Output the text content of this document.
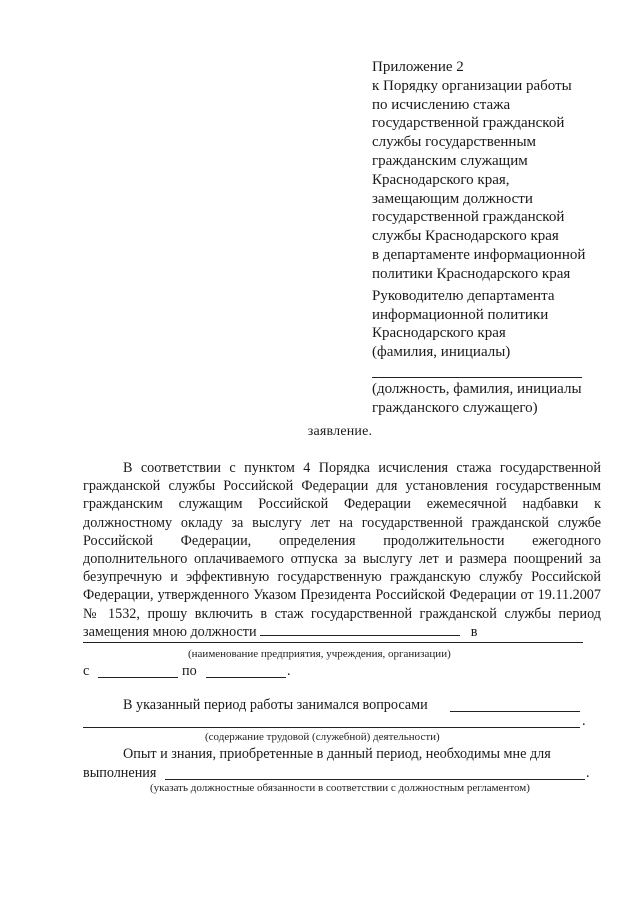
Приложение 2
к Порядку организации работы
по исчислению стажа
государственной гражданской
службы государственным
гражданским служащим
Краснодарского края,
замещающим должности
государственной гражданской
службы Краснодарского края
в департаменте информационной
политики Краснодарского края
Руководителю департамента
информационной политики
Краснодарского края
(фамилия, инициалы)
(должность, фамилия, инициалы
гражданского служащего)
заявление.
В соответствии с пунктом 4 Порядка исчисления стажа государственной гражданской службы Российской Федерации для установления государственным гражданским служащим Российской Федерации ежемесячной надбавки к должностному окладу за выслугу лет на государственной гражданской службе Российской Федерации, определения продолжительности ежегодного дополнительного оплачиваемого отпуска за выслугу лет и размера поощрений за безупречную и эффективную государственную гражданскую службу Российской Федерации, утвержденного Указом Президента Российской Федерации от 19.11.2007 № 1532, прошу включить в стаж государственной гражданской службы период замещения мною должности	в
(наименование предприятия, учреждения, организации)
с	по	.
В указанный период работы занимался вопросами
.
(содержание трудовой (служебной) деятельности)
Опыт и знания, приобретенные в данный период, необходимы мне для
выполнения	.
(указать должностные обязанности в соответствии с должностным регламентом)
